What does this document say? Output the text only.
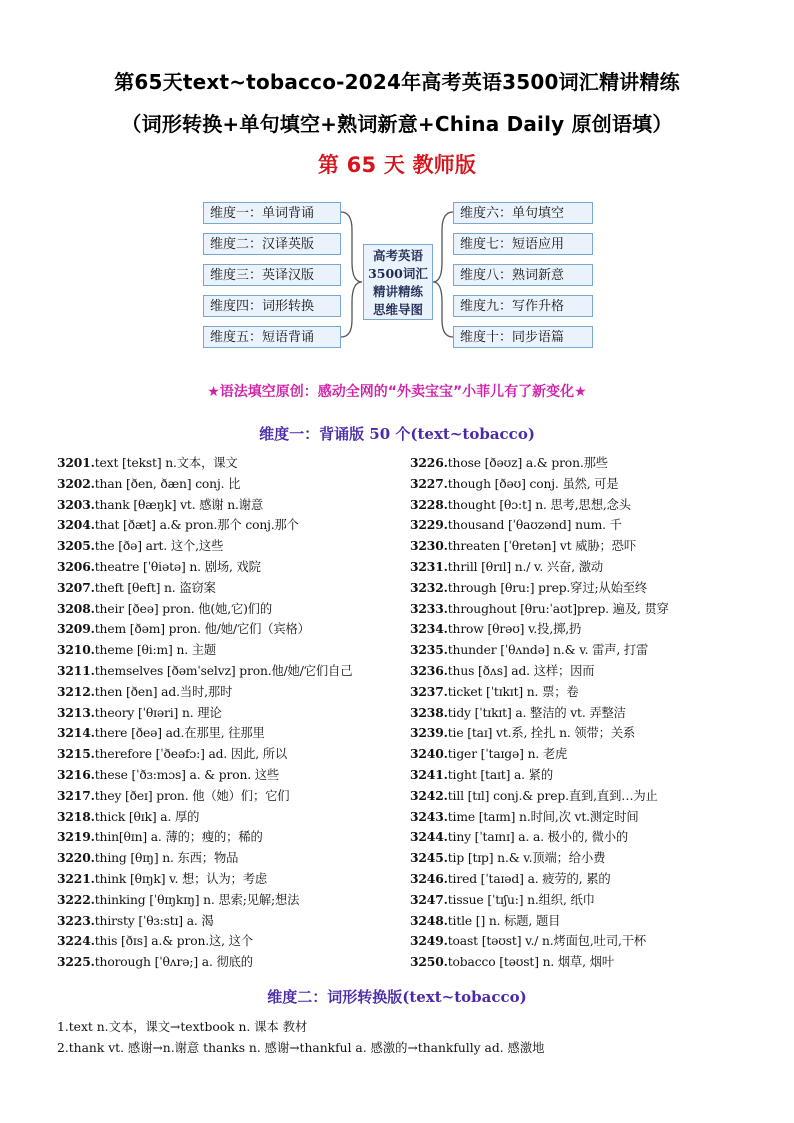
第65天text~tobacco-2024年高考英语3500词汇精讲精练
（词形转换+单句填空+熟词新意+China Daily 原创语填）
第 65 天 教师版
维度一：单词背诵
维度二：汉译英版
维度三：英译汉版
维度四：词形转换
维度五：短语背诵
高考英语
3500词汇
精讲精练
思维导图
维度六：单句填空
维度七：短语应用
维度八：熟词新意
维度九：写作升格
维度十：同步语篇
★语法填空原创：感动全网的“外卖宝宝”小菲儿有了新变化★
维度一：背诵版 50 个(text~tobacco)
3201.text [tekst] n.文本，课文
3202.than [ðen, ðæn] conj. 比
3203.thank [θæŋk] vt. 感谢 n.谢意
3204.that [ðæt] a.& pron.那个 conj.那个
3205.the [ðə] art. 这个,这些
3206.theatre [ˈθiətə] n. 剧场, 戏院
3207.theft [θeft] n. 盗窃案
3208.their [ðeə] pron. 他(她,它)们的
3209.them [ðəm] pron. 他/她/它们（宾格）
3210.theme [θi:m] n. 主题
3211.themselves [ðəmˈselvz] pron.他/她/它们自己
3212.then [ðen] ad.当时,那时
3213.theory [ˈθɪəri] n. 理论
3214.there [ðeə] ad.在那里, 往那里
3215.therefore [ˈðeəfɔ:] ad. 因此, 所以
3216.these [ˈðɜ:mɔs] a. & pron. 这些
3217.they [ðeɪ] pron. 他（她）们；它们
3218.thick [θɪk] a. 厚的
3219.thin[θɪn] a. 薄的；瘦的；稀的
3220.thing [θɪŋ] n. 东西；物品
3221.think [θɪŋk] v. 想；认为；考虑
3222.thinking [ˈθɪŋkɪŋ] n. 思索;见解;想法
3223.thirsty [ˈθɜ:stɪ] a. 渴
3224.this [ðɪs] a.& pron.这, 这个
3225.thorough [ˈθʌrə;] a. 彻底的
3226.those [ðəʊz] a.& pron.那些
3227.though [ðəʊ] conj. 虽然, 可是
3228.thought [θɔ:t] n. 思考,思想,念头
3229.thousand [ˈθaʊzənd] num. 千
3230.threaten [ˈθretən] vt 威胁；恐吓
3231.thrill [θrɪl] n./ v. 兴奋, 激动
3232.through [θru:] prep.穿过;从始至终
3233.throughout [θru:ˈaʊt]prep. 遍及, 贯穿
3234.throw [θrəʊ] v.投,掷,扔
3235.thunder [ˈθʌndə] n.& v. 雷声, 打雷
3236.thus [ðʌs] ad. 这样；因而
3237.ticket [ˈtɪkɪt] n. 票；卷
3238.tidy [ˈtɪkɪt] a. 整洁的 vt. 弄整洁
3239.tie [taɪ] vt.系, 拴扎 n. 领带；关系
3240.tiger [ˈtaɪgə] n. 老虎
3241.tight [taɪt] a. 紧的
3242.till [tɪl] conj.& prep.直到,直到…为止
3243.time [taɪm] n.时间,次 vt.测定时间
3244.tiny [ˈtaɪnɪ] a. a. 极小的, 微小的
3245.tip [tɪp] n.& v.顶端；给小费
3246.tired [ˈtaɪəd] a. 疲劳的, 累的
3247.tissue [ˈtɪʃu:] n.组织, 纸巾
3248.title [] n. 标题, 题目
3249.toast [təʊst] v./ n.烤面包,吐司,干杯
3250.tobacco [təʊst] n. 烟草, 烟叶
维度二：词形转换版(text~tobacco)
1.text n.文本，课文→textbook n. 课本 教材
2.thank vt. 感谢→n.谢意 thanks n. 感谢→thankful a. 感激的→thankfully ad. 感激地
